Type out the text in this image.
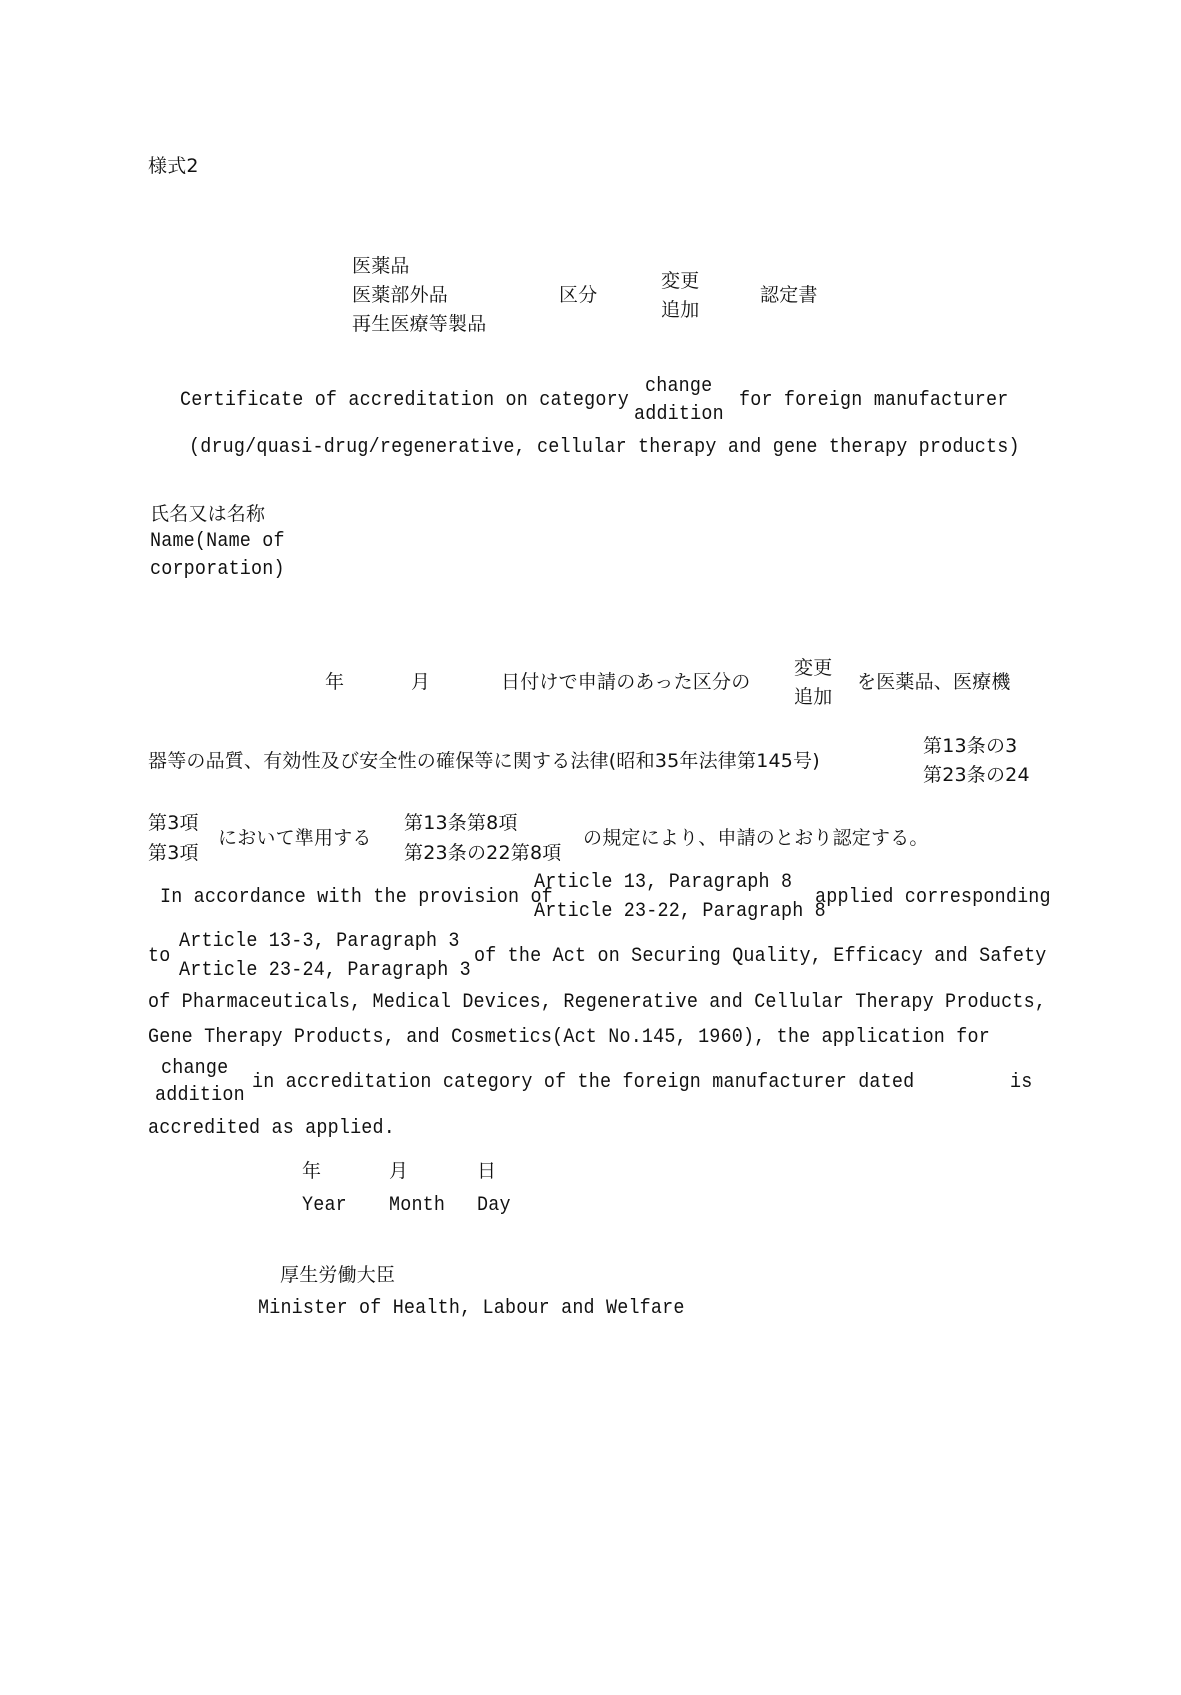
様式2
医薬品
医薬部外品
再生医療等製品
区分
変更
追加
認定書
Certificate of accreditation on category
change
addition
for foreign manufacturer
(drug/quasi-drug/regenerative, cellular therapy and gene therapy products)
氏名又は名称
Name(Name of
corporation)
年	月	日付けで申請のあった区分の
変更
追加
を医薬品、医療機
器等の品質、有効性及び安全性の確保等に関する法律(昭和35年法律第145号)
第13条の3
第23条の24
第3項
第3項
において準用する
第13条第8項
第23条の22第8項
の規定により、申請のとおり認定する。
In accordance with the provision of
Article 13, Paragraph 8
Article 23-22, Paragraph 8
applied corresponding
to
Article 13-3, Paragraph 3
Article 23-24, Paragraph 3
of the Act on Securing Quality, Efficacy and Safety
of Pharmaceuticals, Medical Devices, Regenerative and Cellular Therapy Products,
Gene Therapy Products, and Cosmetics(Act No.145, 1960), the application for
change
addition
in accreditation category of the foreign manufacturer dated	is
accredited as applied.
年	月	日
Year Month Day
厚生労働大臣
Minister of Health, Labour and Welfare
